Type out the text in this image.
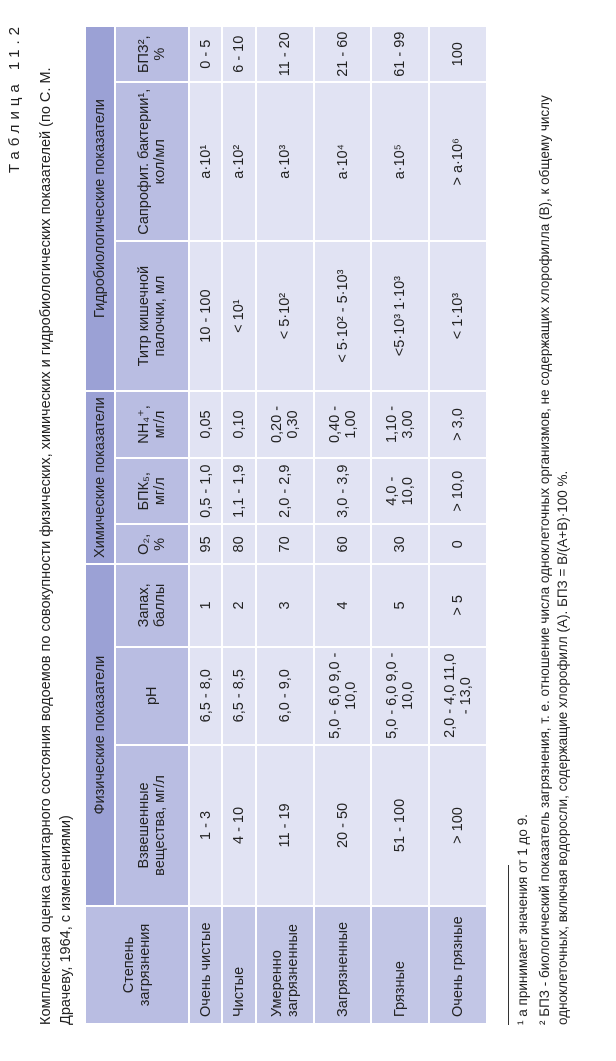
Таблица 11.2 Комплексная оценка санитарного состояния водоемов по совокупности физических, химических и гидробиологических показателей (по С. М. Драчеву, 1964, с изменениями)	Степень загрязнения	Физические показатели			Химические показатели			Гидробиологические показатели		
	Взвешенные вещества, мг/л	pH	Запах, баллы	O₂, %	БПК₅, мг/л	NH₄⁺, мг/л	Титр кишечной палочки, мл	Сапрофит. бактерии¹, кол/мл	БПЗ², %
Очень чистые	1 - 3	6,5 - 8,0	1	95	0,5 - 1,0	0,05	10 - 100	a·10¹	0 - 5
Чистые	4 - 10	6,5 - 8,5	2	80	1,1 - 1,9	0,10	< 10¹	a·10²	6 - 10
Умеренно загрязненные	11 - 19	6,0 - 9,0	3	70	2,0 - 2,9	0,20 - 0,30	< 5·10²	a·10³	11 - 20
Загрязненные	20 - 50	5,0 - 6,0 9,0 - 10,0	4	60	3,0 - 3,9	0,40 - 1,00	< 5·10² - 5·10³	a·10⁴	21 - 60
Грязные	51 - 100	5,0 - 6,0 9,0 - 10,0	5	30	4,0 - 10,0	1,10 - 3,00	<5·10³ 1·10³	a·10⁵	61 - 99
Очень грязные	> 100	2,0 - 4,0 11,0 - 13,0	> 5	0	> 10,0	> 3,0	< 1·10³	> a·10⁶	100
¹ a принимает значения от 1 до 9. ² БПЗ - биологический показатель загрязнения, т. е. отношение числа одноклеточных организмов, не содержащих хлорофилла (В), к общему числу одноклеточных, включая водоросли, содержащие хлорофилл (А). БПЗ = В/(А+В)·100 %.
